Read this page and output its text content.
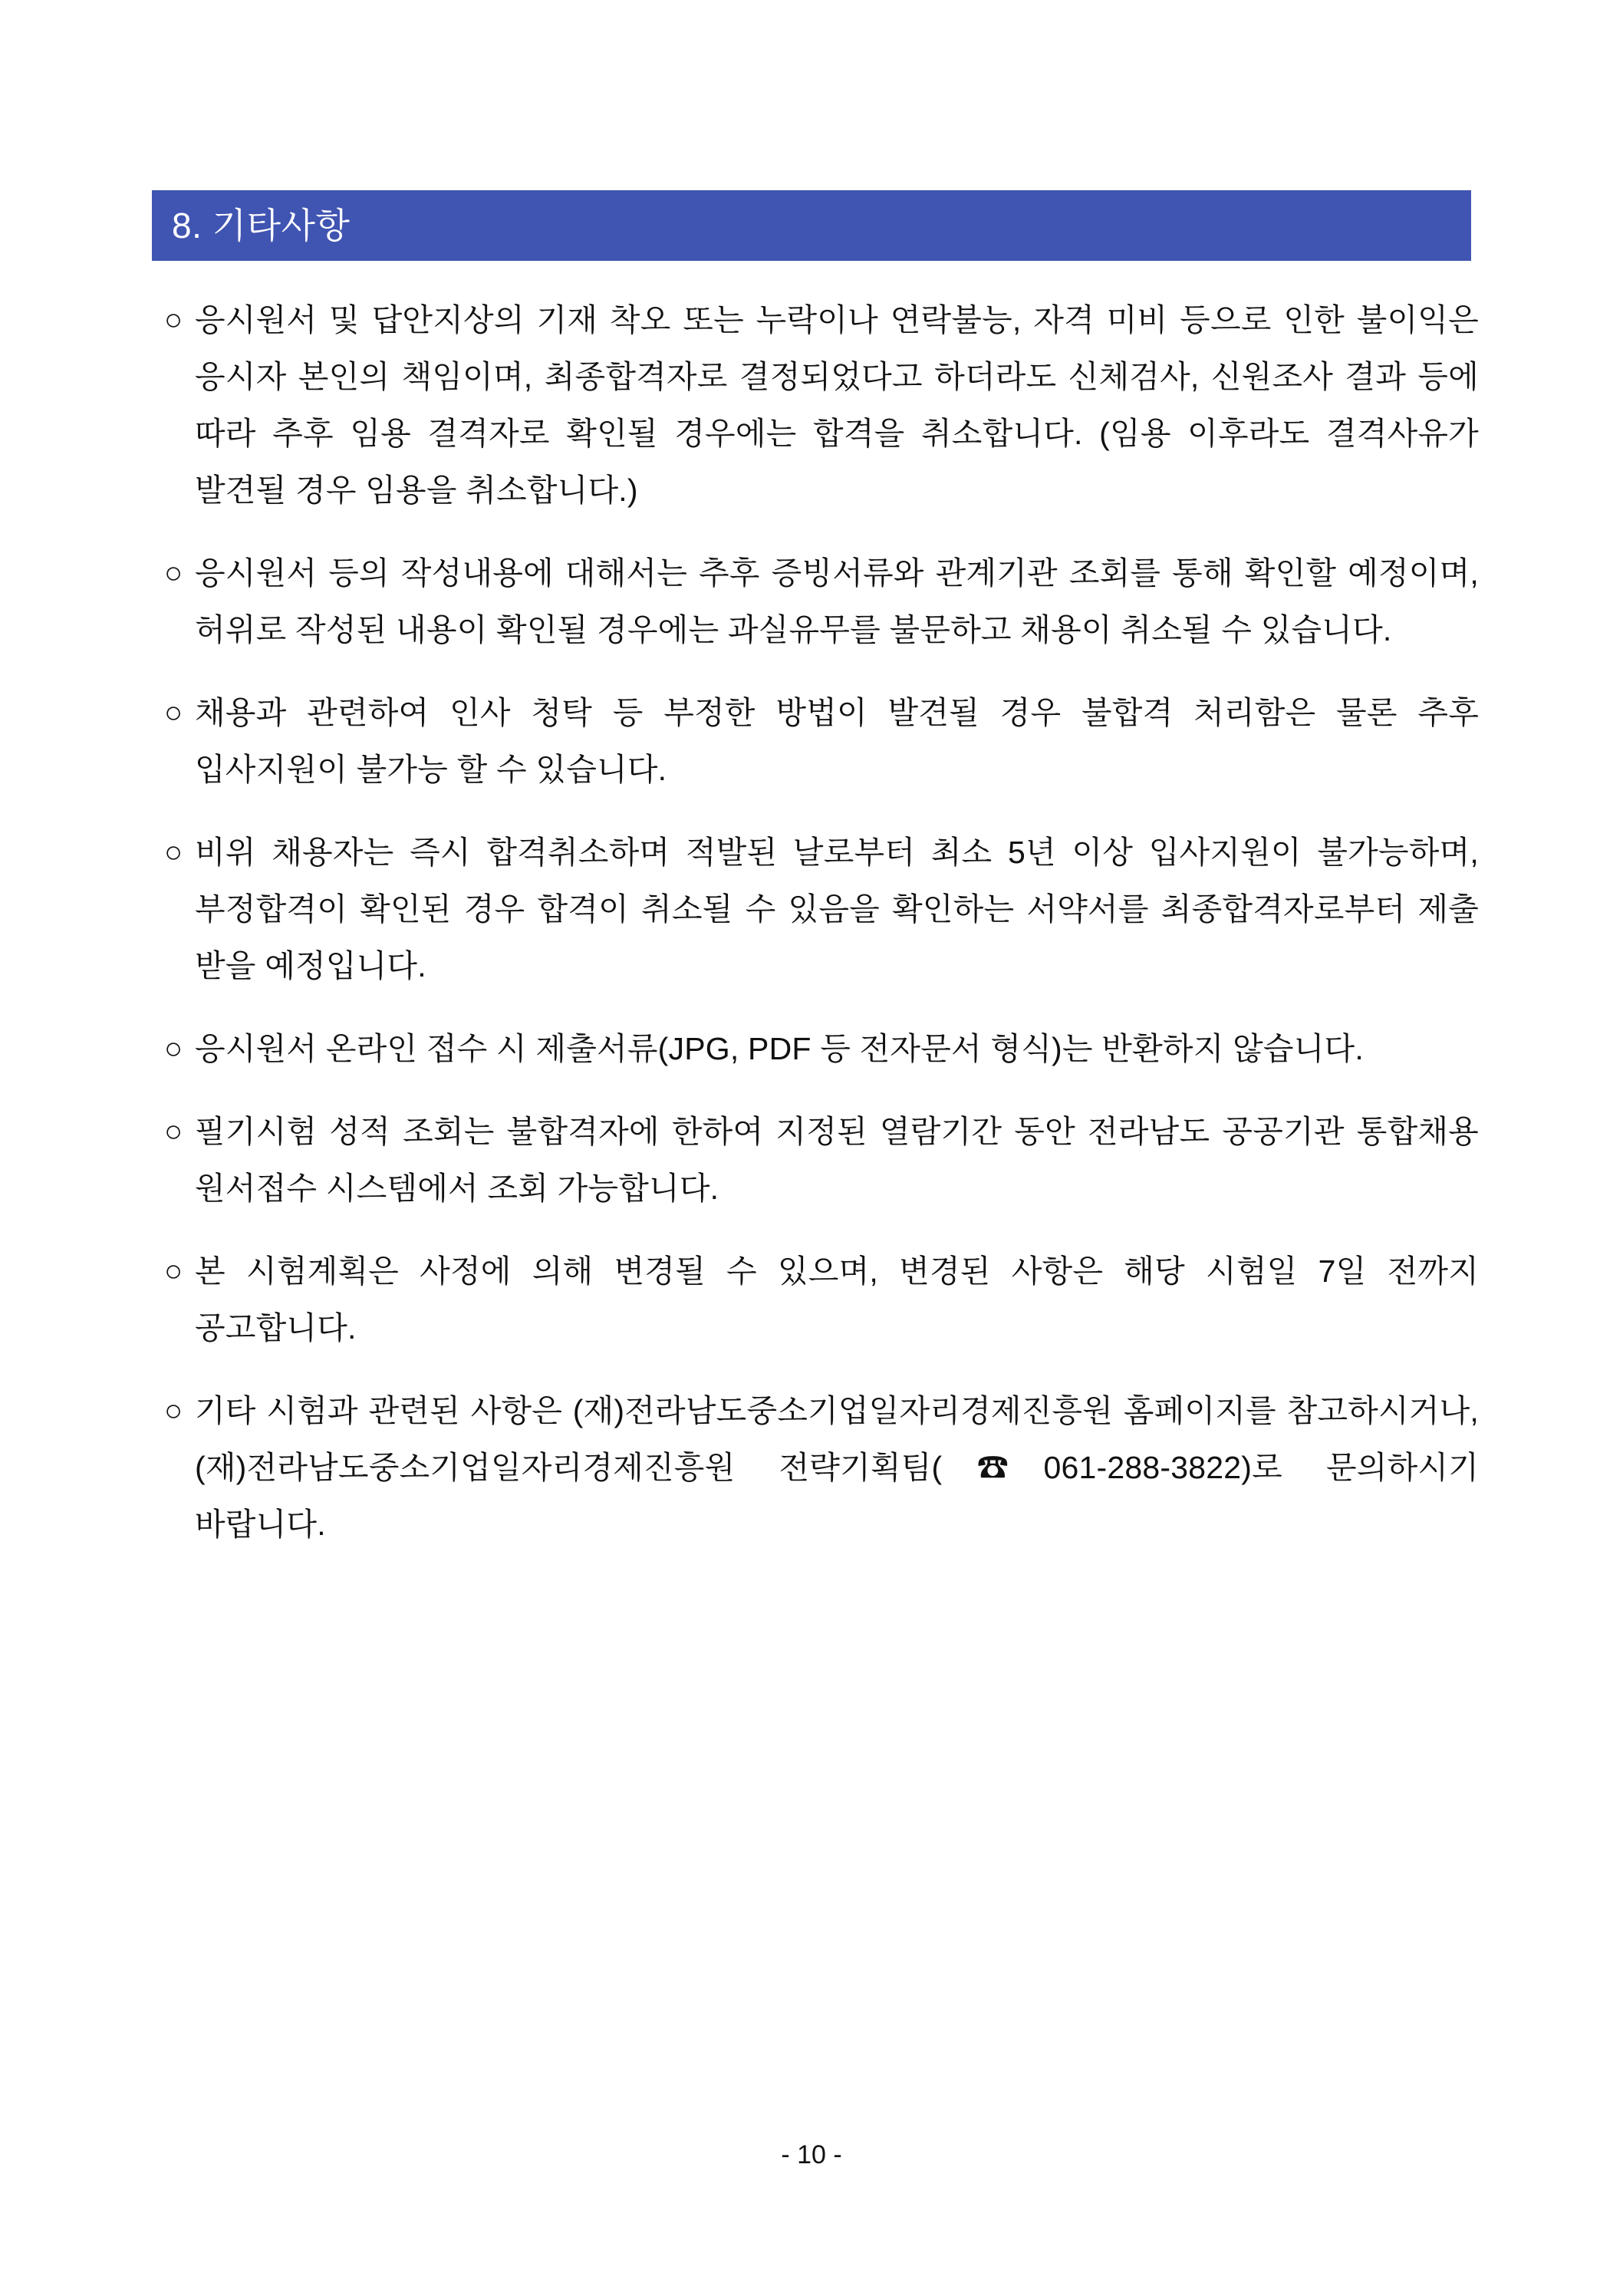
8. 기타사항
○ 응시원서 및 답안지상의 기재 착오 또는 누락이나 연락불능, 자격 미비 등으로 인한 불이익은 응시자 본인의 책임이며, 최종합격자로 결정되었다고 하더라도 신체검사, 신원조사 결과 등에 따라 추후 임용 결격자로 확인될 경우에는 합격을 취소합니다. (임용 이후라도 결격사유가 발견될 경우 임용을 취소합니다.)
○ 응시원서 등의 작성내용에 대해서는 추후 증빙서류와 관계기관 조회를 통해 확인할 예정이며, 허위로 작성된 내용이 확인될 경우에는 과실유무를 불문하고 채용이 취소될 수 있습니다.
○ 채용과 관련하여 인사 청탁 등 부정한 방법이 발견될 경우 불합격 처리함은 물론 추후 입사지원이 불가능 할 수 있습니다.
○ 비위 채용자는 즉시 합격취소하며 적발된 날로부터 최소 5년 이상 입사지원이 불가능하며, 부정합격이 확인된 경우 합격이 취소될 수 있음을 확인하는 서약서를 최종합격자로부터 제출 받을 예정입니다.
○ 응시원서 온라인 접수 시 제출서류(JPG, PDF 등 전자문서 형식)는 반환하지 않습니다.
○ 필기시험 성적 조회는 불합격자에 한하여 지정된 열람기간 동안 전라남도 공공기관 통합채용 원서접수 시스템에서 조회 가능합니다.
○ 본 시험계획은 사정에 의해 변경될 수 있으며, 변경된 사항은 해당 시험일 7일 전까지 공고합니다.
○ 기타 시험과 관련된 사항은 (재)전라남도중소기업일자리경제진흥원 홈페이지를 참고하시거나, (재)전라남도중소기업일자리경제진흥원 전략기획팀(☎061-288-3822)로 문의하시기 바랍니다.
- 10 -
